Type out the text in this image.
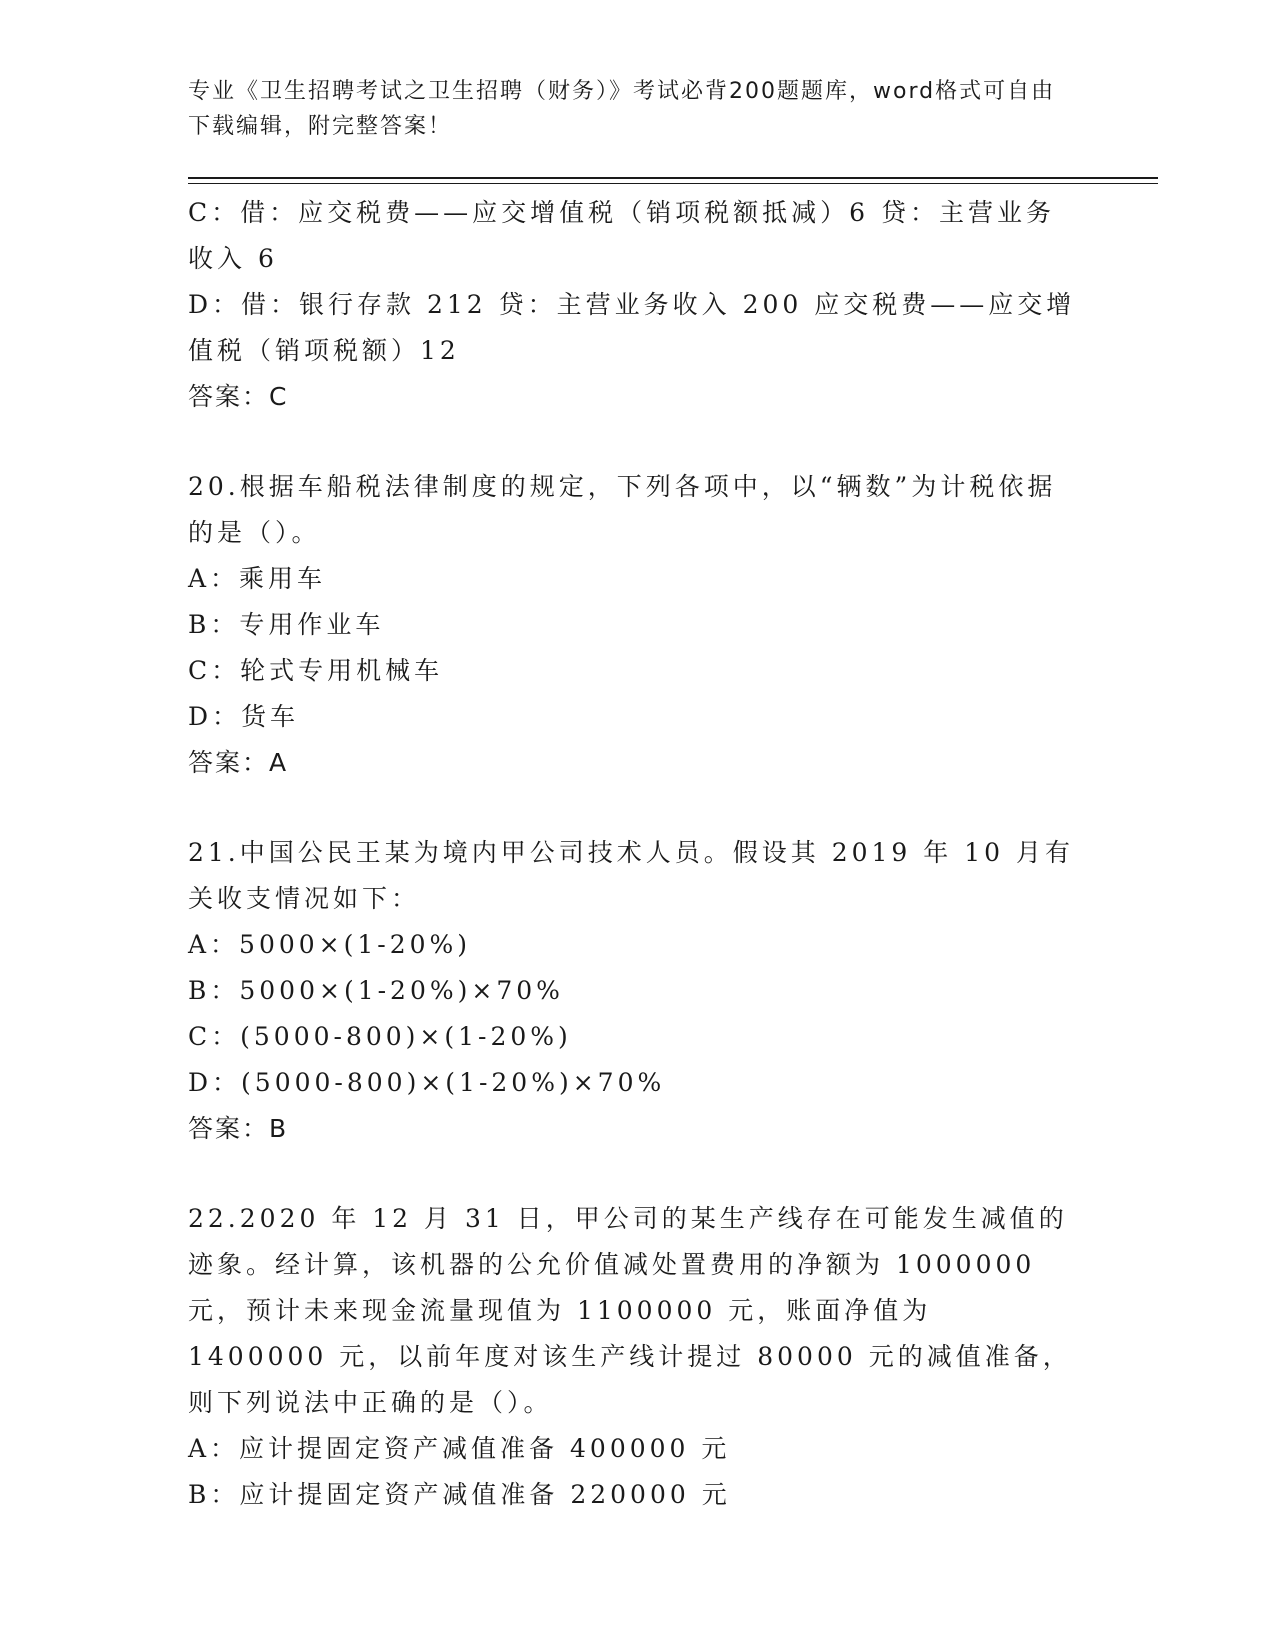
专业《卫生招聘考试之卫生招聘（财务）》考试必背200题题库，word格式可自由下载编辑，附完整答案！
C：借：应交税费——应交增值税（销项税额抵减）6 贷：主营业务收入 6
D：借：银行存款 212 贷：主营业务收入 200 应交税费——应交增值税（销项税额）12
答案：C
20.根据车船税法律制度的规定，下列各项中，以“辆数”为计税依据的是（）。
A：乘用车
B：专用作业车
C：轮式专用机械车
D：货车
答案：A
21.中国公民王某为境内甲公司技术人员。假设其 2019 年 10 月有关收支情况如下：
A：5000×(1-20%)
B：5000×(1-20%)×70%
C：(5000-800)×(1-20%)
D：(5000-800)×(1-20%)×70%
答案：B
22.2020 年 12 月 31 日，甲公司的某生产线存在可能发生减值的迹象。经计算，该机器的公允价值减处置费用的净额为 1000000 元，预计未来现金流量现值为 1100000 元，账面净值为 1400000 元，以前年度对该生产线计提过 80000 元的减值准备，则下列说法中正确的是（）。
A：应计提固定资产减值准备 400000 元
B：应计提固定资产减值准备 220000 元
